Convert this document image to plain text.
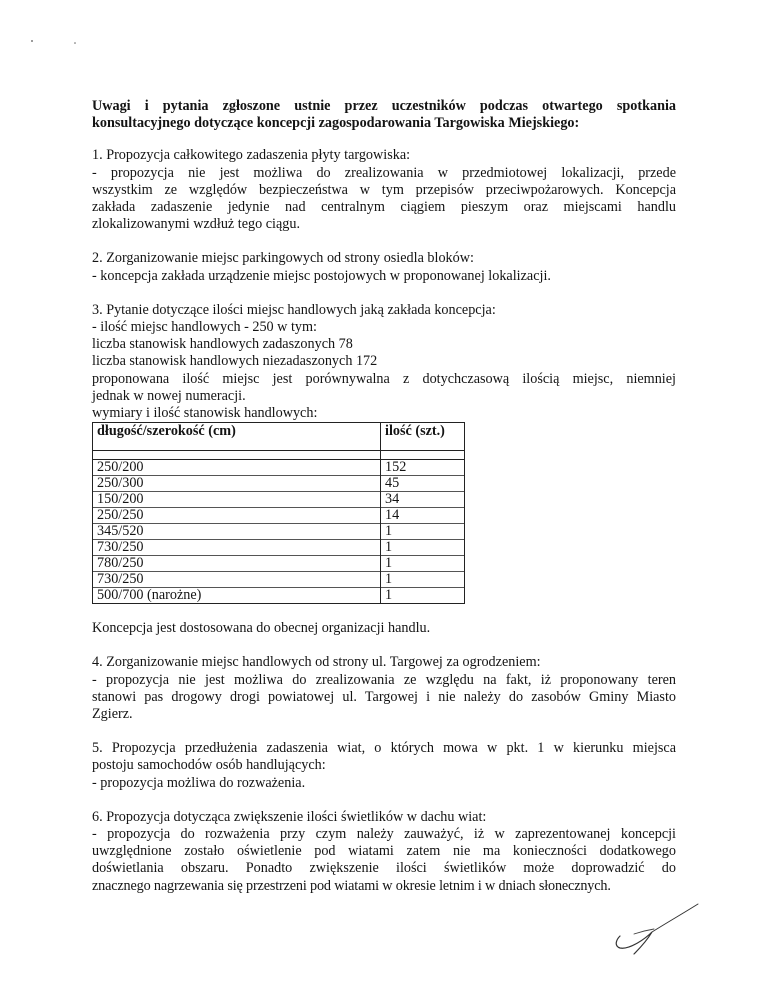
Uwagi i pytania zgłoszone ustnie przez uczestników podczas otwartego spotkania konsultacyjnego dotyczące koncepcji zagospodarowania Targowiska Miejskiego:

1. Propozycja całkowitego zadaszenia płyty targowiska:
- propozycja nie jest możliwa do zrealizowania w przedmiotowej lokalizacji, przede
wszystkim ze względów bezpieczeństwa w tym przepisów przeciwpożarowych. Koncepcja
zakłada zadaszenie jedynie nad centralnym ciągiem pieszym oraz miejscami handlu
zlokalizowanymi wzdłuż tego ciągu.
2. Zorganizowanie miejsc parkingowych od strony osiedla bloków:
- koncepcja zakłada urządzenie miejsc postojowych w proponowanej lokalizacji.
3. Pytanie dotyczące ilości miejsc handlowych jaką zakłada koncepcja:
- ilość miejsc handlowych - 250 w tym:
liczba stanowisk handlowych zadaszonych 78
liczba stanowisk handlowych niezadaszonych 172
proponowana ilość miejsc jest porównywalna z dotychczasową ilością miejsc, niemniej
jednak w nowej numeracji.
wymiary i ilość stanowisk handlowych:
długość/szerokość (cm)	ilość (szt.)

250/200	152
250/300	45
150/200	34
250/250	14
345/520	1
730/250	1
780/250	1
730/250	1
500/700 (narożne)	1
Koncepcja jest dostosowana do obecnej organizacji handlu.
4. Zorganizowanie miejsc handlowych od strony ul. Targowej za ogrodzeniem:
- propozycja nie jest możliwa do zrealizowania ze względu na fakt, iż proponowany teren
stanowi pas drogowy drogi powiatowej ul. Targowej i nie należy do zasobów Gminy Miasto
Zgierz.
5. Propozycja przedłużenia zadaszenia wiat, o których mowa w pkt. 1 w kierunku miejsca
postoju samochodów osób handlujących:
- propozycja możliwa do rozważenia.
6. Propozycja dotycząca zwiększenie ilości świetlików w dachu wiat:
- propozycja do rozważenia przy czym należy zauważyć, iż w zaprezentowanej koncepcji
uwzględnione zostało oświetlenie pod wiatami zatem nie ma konieczności dodatkowego
doświetlania obszaru. Ponadto zwiększenie ilości świetlików może doprowadzić do
znacznego nagrzewania się przestrzeni pod wiatami w okresie letnim i w dniach słonecznych.
